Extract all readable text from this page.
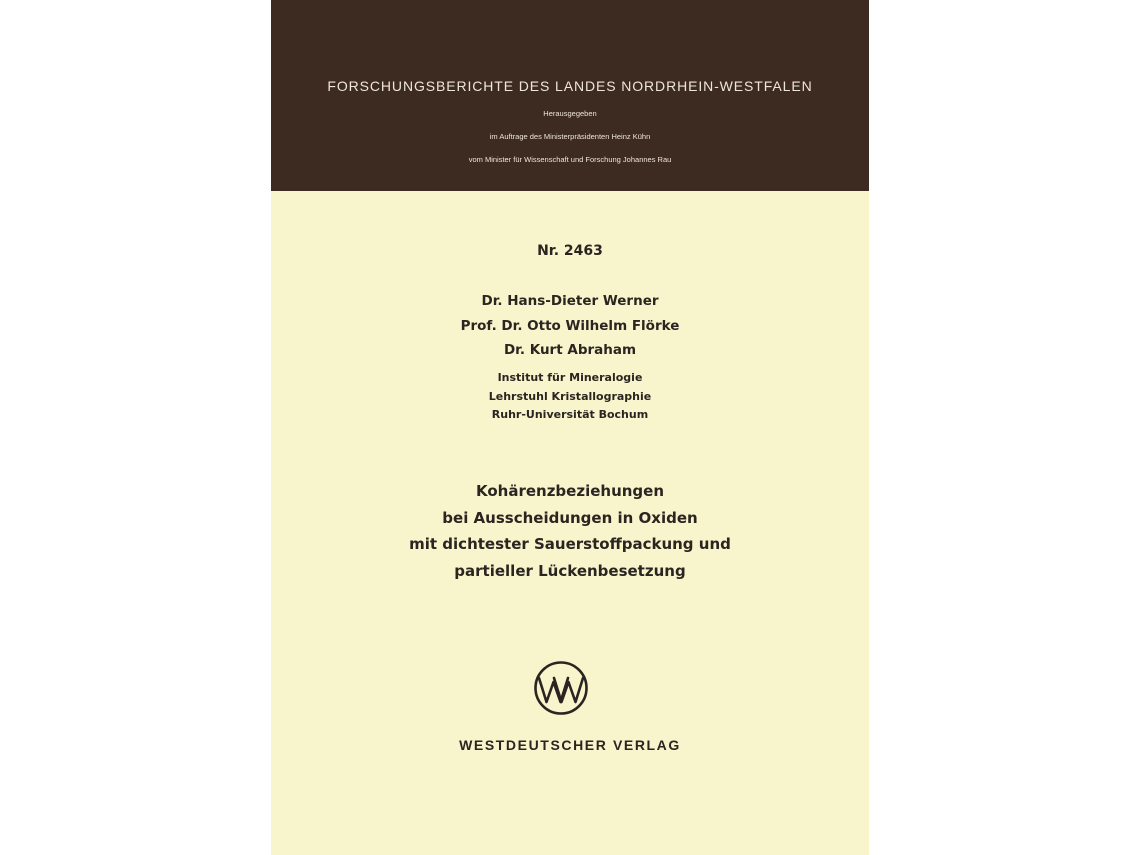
FORSCHUNGSBERICHTE DES LANDES NORDRHEIN-WESTFALEN
Herausgegeben
im Auftrage des Ministerpräsidenten Heinz Kühn
vom Minister für Wissenschaft und Forschung Johannes Rau
Nr. 2463
Dr. Hans-Dieter Werner
Prof. Dr. Otto Wilhelm Flörke
Dr. Kurt Abraham
Institut für Mineralogie
Lehrstuhl Kristallographie
Ruhr-Universität Bochum
Kohärenzbeziehungen
bei Ausscheidungen in Oxiden
mit dichtester Sauerstoffpackung und
partieller Lückenbesetzung
WESTDEUTSCHER VERLAG
